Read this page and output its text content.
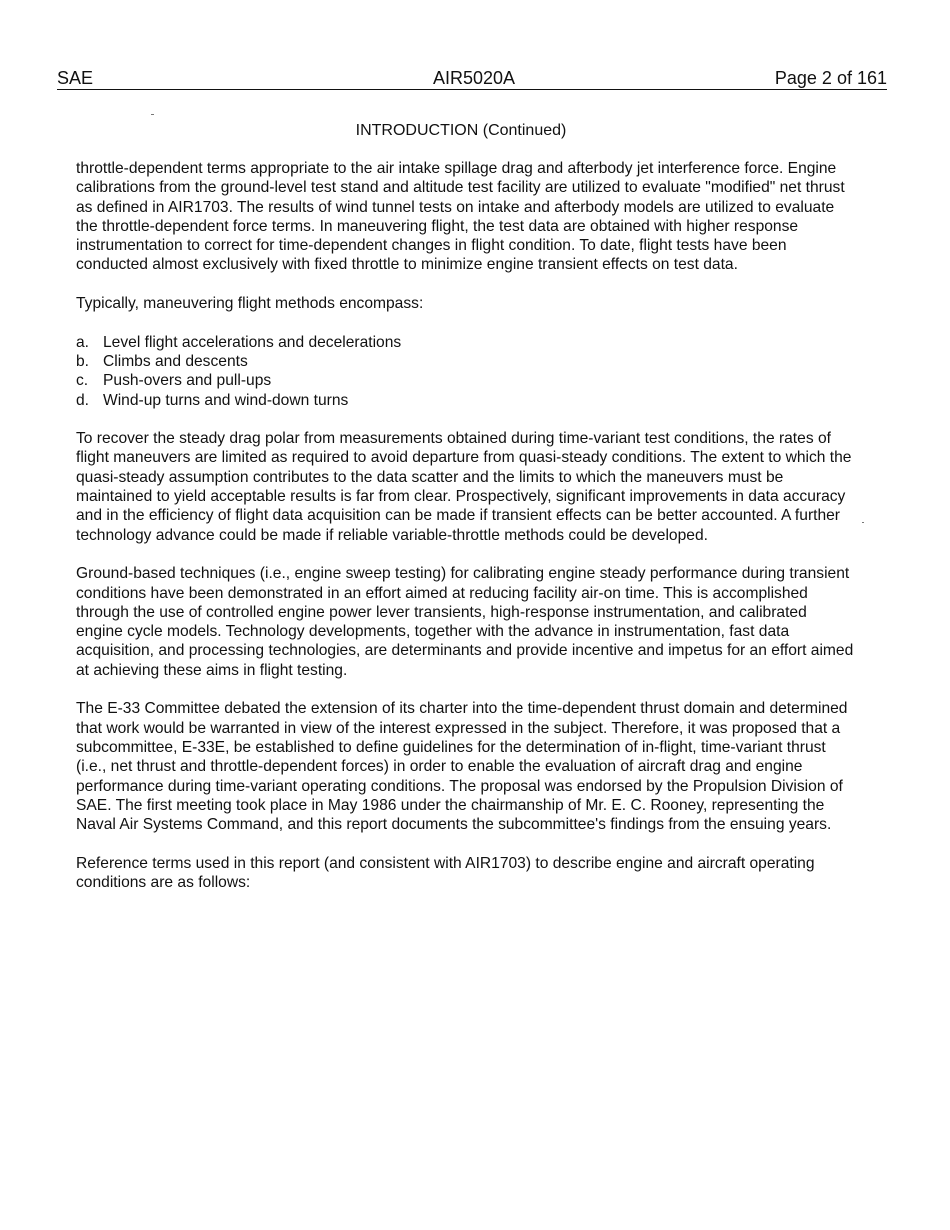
SAE	AIR5020A	Page 2 of 161
INTRODUCTION (Continued)

throttle-dependent terms appropriate to the air intake spillage drag and afterbody jet interference force. Engine calibrations from the ground-level test stand and altitude test facility are utilized to evaluate "modified" net thrust as defined in AIR1703. The results of wind tunnel tests on intake and afterbody models are utilized to evaluate the throttle-dependent force terms. In maneuvering flight, the test data are obtained with higher response instrumentation to correct for time-dependent changes in flight condition. To date, flight tests have been conducted almost exclusively with fixed throttle to minimize engine transient effects on test data.

Typically, maneuvering flight methods encompass:

a. Level flight accelerations and decelerations
b. Climbs and descents
c. Push-overs and pull-ups
d. Wind-up turns and wind-down turns

To recover the steady drag polar from measurements obtained during time-variant test conditions, the rates of flight maneuvers are limited as required to avoid departure from quasi-steady conditions. The extent to which the quasi-steady assumption contributes to the data scatter and the limits to which the maneuvers must be maintained to yield acceptable results is far from clear. Prospectively, significant improvements in data accuracy and in the efficiency of flight data acquisition can be made if transient effects can be better accounted. A further technology advance could be made if reliable variable-throttle methods could be developed.

Ground-based techniques (i.e., engine sweep testing) for calibrating engine steady performance during transient conditions have been demonstrated in an effort aimed at reducing facility air-on time. This is accomplished through the use of controlled engine power lever transients, high-response instrumentation, and calibrated engine cycle models. Technology developments, together with the advance in instrumentation, fast data acquisition, and processing technologies, are determinants and provide incentive and impetus for an effort aimed at achieving these aims in flight testing.

The E-33 Committee debated the extension of its charter into the time-dependent thrust domain and determined that work would be warranted in view of the interest expressed in the subject. Therefore, it was proposed that a subcommittee, E-33E, be established to define guidelines for the determination of in-flight, time-variant thrust (i.e., net thrust and throttle-dependent forces) in order to enable the evaluation of aircraft drag and engine performance during time-variant operating conditions. The proposal was endorsed by the Propulsion Division of SAE. The first meeting took place in May 1986 under the chairmanship of Mr. E. C. Rooney, representing the Naval Air Systems Command, and this report documents the subcommittee's findings from the ensuing years.

Reference terms used in this report (and consistent with AIR1703) to describe engine and aircraft operating conditions are as follows:
